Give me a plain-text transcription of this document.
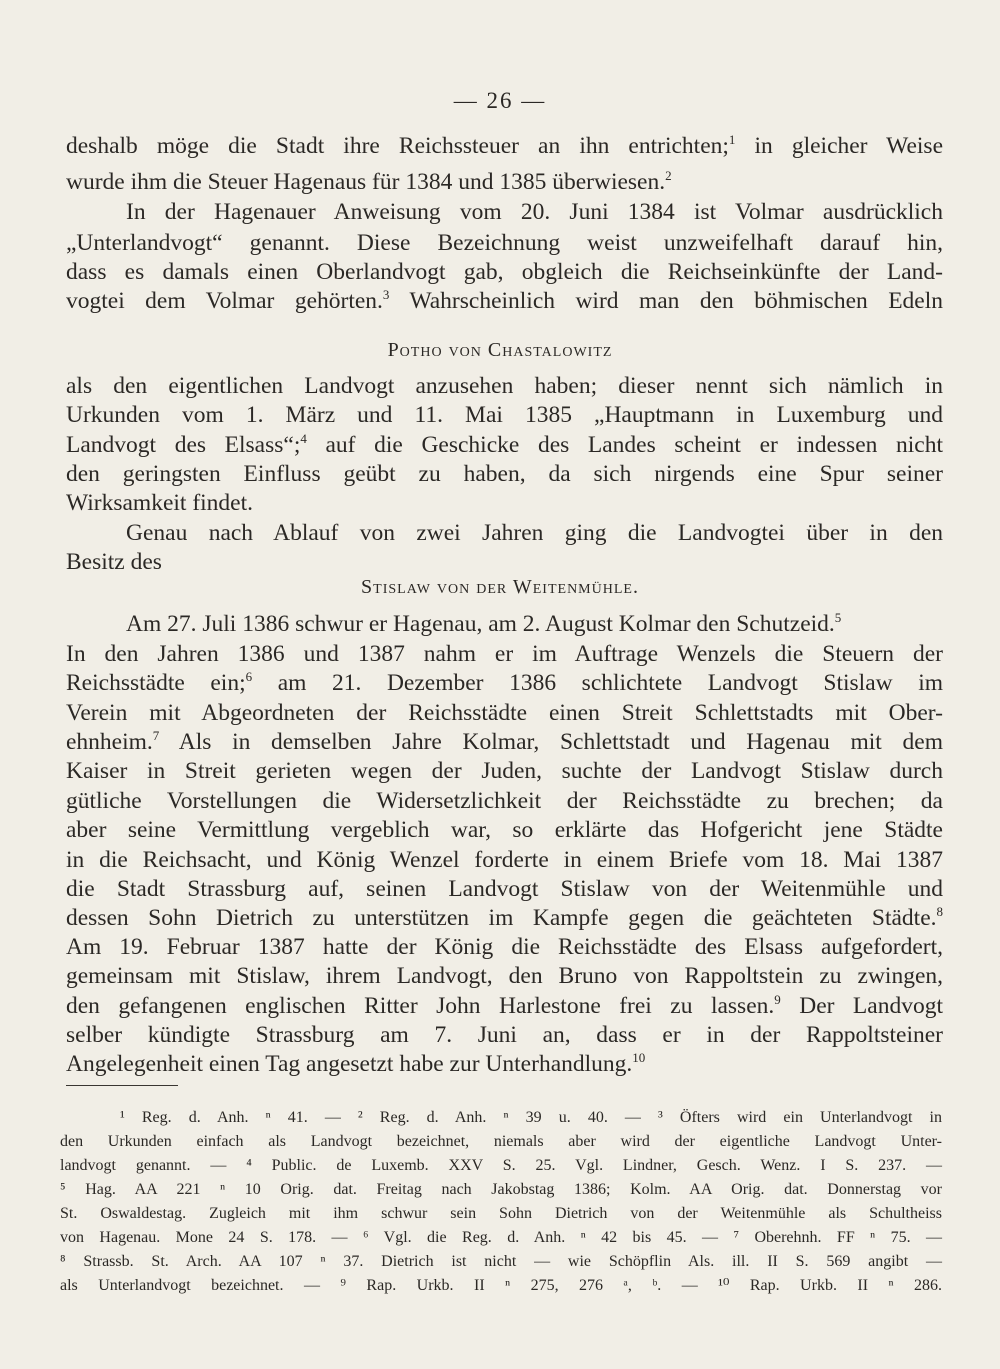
— 26 —
deshalb möge die Stadt ihre Reichssteuer an ihn entrichten;$^1$ in gleicher Weise
wurde ihm die Steuer Hagenaus für 1384 und 1385 überwiesen.$^2$
In der Hagenauer Anweisung vom 20. Juni 1384 ist Volmar ausdrücklich
„Unterlandvogt“ genannt. Diese Bezeichnung weist unzweifelhaft darauf hin,
dass es damals einen Oberlandvogt gab, obgleich die Reichseinkünfte der Land-
vogtei dem Volmar gehörten.$^3$ Wahrscheinlich wird man den böhmischen Edeln
Potho von Chastalowitz
als den eigentlichen Landvogt anzusehen haben; dieser nennt sich nämlich in
Urkunden vom 1. März und 11. Mai 1385 „Hauptmann in Luxemburg und
Landvogt des Elsass“;$^4$ auf die Geschicke des Landes scheint er indessen nicht
den geringsten Einfluss geübt zu haben, da sich nirgends eine Spur seiner
Wirksamkeit findet.
Genau nach Ablauf von zwei Jahren ging die Landvogtei über in den
Besitz des
Stislaw von der Weitenmühle.
Am 27. Juli 1386 schwur er Hagenau, am 2. August Kolmar den Schutzeid.$^5$
In den Jahren 1386 und 1387 nahm er im Auftrage Wenzels die Steuern der
Reichsstädte ein;$^6$ am 21. Dezember 1386 schlichtete Landvogt Stislaw im
Verein mit Abgeordneten der Reichsstädte einen Streit Schlettstadts mit Ober-
ehnheim.$^7$ Als in demselben Jahre Kolmar, Schlettstadt und Hagenau mit dem
Kaiser in Streit gerieten wegen der Juden, suchte der Landvogt Stislaw durch
gütliche Vorstellungen die Widersetzlichkeit der Reichsstädte zu brechen; da
aber seine Vermittlung vergeblich war, so erklärte das Hofgericht jene Städte
in die Reichsacht, und König Wenzel forderte in einem Briefe vom 18. Mai 1387
die Stadt Strassburg auf, seinen Landvogt Stislaw von der Weitenmühle und
dessen Sohn Dietrich zu unterstützen im Kampfe gegen die geächteten Städte.$^8$
Am 19. Februar 1387 hatte der König die Reichsstädte des Elsass aufgefordert,
gemeinsam mit Stislaw, ihrem Landvogt, den Bruno von Rappoltstein zu zwingen,
den gefangenen englischen Ritter John Harlestone frei zu lassen.$^9$ Der Landvogt
selber kündigte Strassburg am 7. Juni an, dass er in der Rappoltsteiner
Angelegenheit einen Tag angesetzt habe zur Unterhandlung.$^{10}$
¹ Reg. d. Anh. ⁿ 41. — ² Reg. d. Anh. ⁿ 39 u. 40. — ³ Öfters wird ein Unterlandvogt in
den Urkunden einfach als Landvogt bezeichnet, niemals aber wird der eigentliche Landvogt Unter-
landvogt genannt. — ⁴ Public. de Luxemb. XXV S. 25. Vgl. Lindner, Gesch. Wenz. I S. 237. —
⁵ Hag. AA 221 ⁿ 10 Orig. dat. Freitag nach Jakobstag 1386; Kolm. AA Orig. dat. Donnerstag vor
St. Oswaldestag. Zugleich mit ihm schwur sein Sohn Dietrich von der Weitenmühle als Schultheiss
von Hagenau. Mone 24 S. 178. — ⁶ Vgl. die Reg. d. Anh. ⁿ 42 bis 45. — ⁷ Oberehnh. FF ⁿ 75. —
⁸ Strassb. St. Arch. AA 107 ⁿ 37. Dietrich ist nicht — wie Schöpflin Als. ill. II S. 569 angibt —
als Unterlandvogt bezeichnet. — ⁹ Rap. Urkb. II ⁿ 275, 276 ᵃ, ᵇ. — ¹⁰ Rap. Urkb. II ⁿ 286.
